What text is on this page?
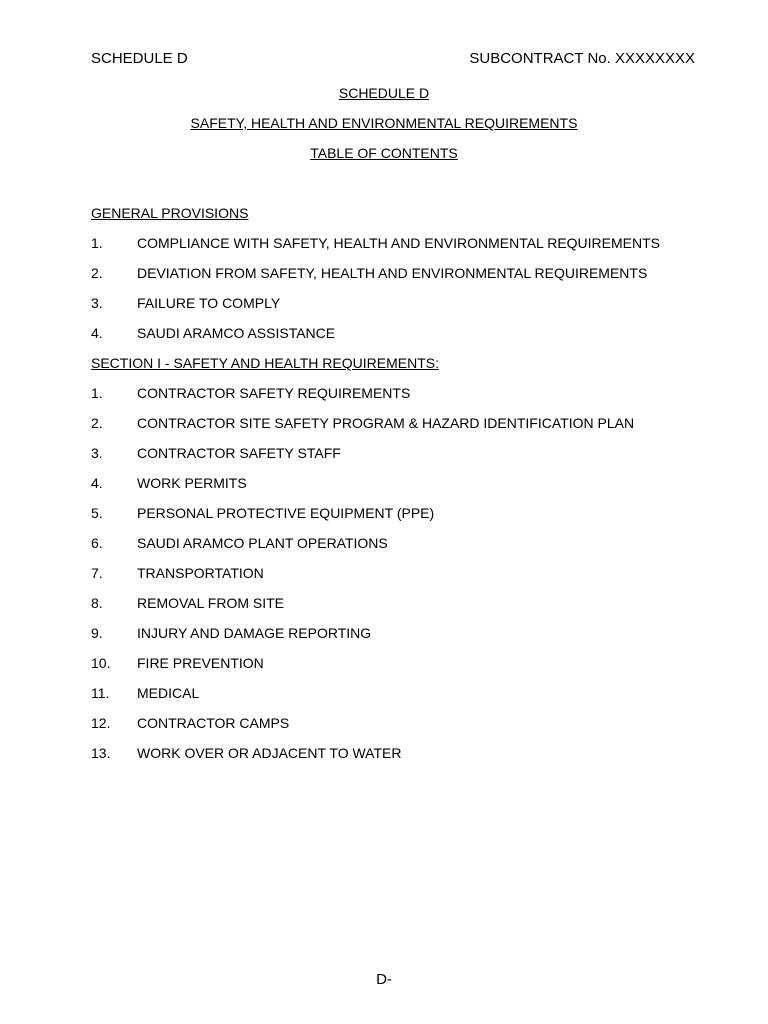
SCHEDULE D	SUBCONTRACT No. XXXXXXXX
SCHEDULE D
SAFETY, HEALTH AND ENVIRONMENTAL REQUIREMENTS
TABLE OF CONTENTS
GENERAL PROVISIONS
1. COMPLIANCE WITH SAFETY, HEALTH AND ENVIRONMENTAL REQUIREMENTS
2. DEVIATION FROM SAFETY, HEALTH AND ENVIRONMENTAL REQUIREMENTS
3. FAILURE TO COMPLY
4. SAUDI ARAMCO ASSISTANCE
SECTION I - SAFETY AND HEALTH REQUIREMENTS:
1. CONTRACTOR SAFETY REQUIREMENTS
2. CONTRACTOR SITE SAFETY PROGRAM & HAZARD IDENTIFICATION PLAN
3. CONTRACTOR SAFETY STAFF
4. WORK PERMITS
5. PERSONAL PROTECTIVE EQUIPMENT (PPE)
6. SAUDI ARAMCO PLANT OPERATIONS
7. TRANSPORTATION
8. REMOVAL FROM SITE
9. INJURY AND DAMAGE REPORTING
10. FIRE PREVENTION
11. MEDICAL
12. CONTRACTOR CAMPS
13. WORK OVER OR ADJACENT TO WATER
D-
